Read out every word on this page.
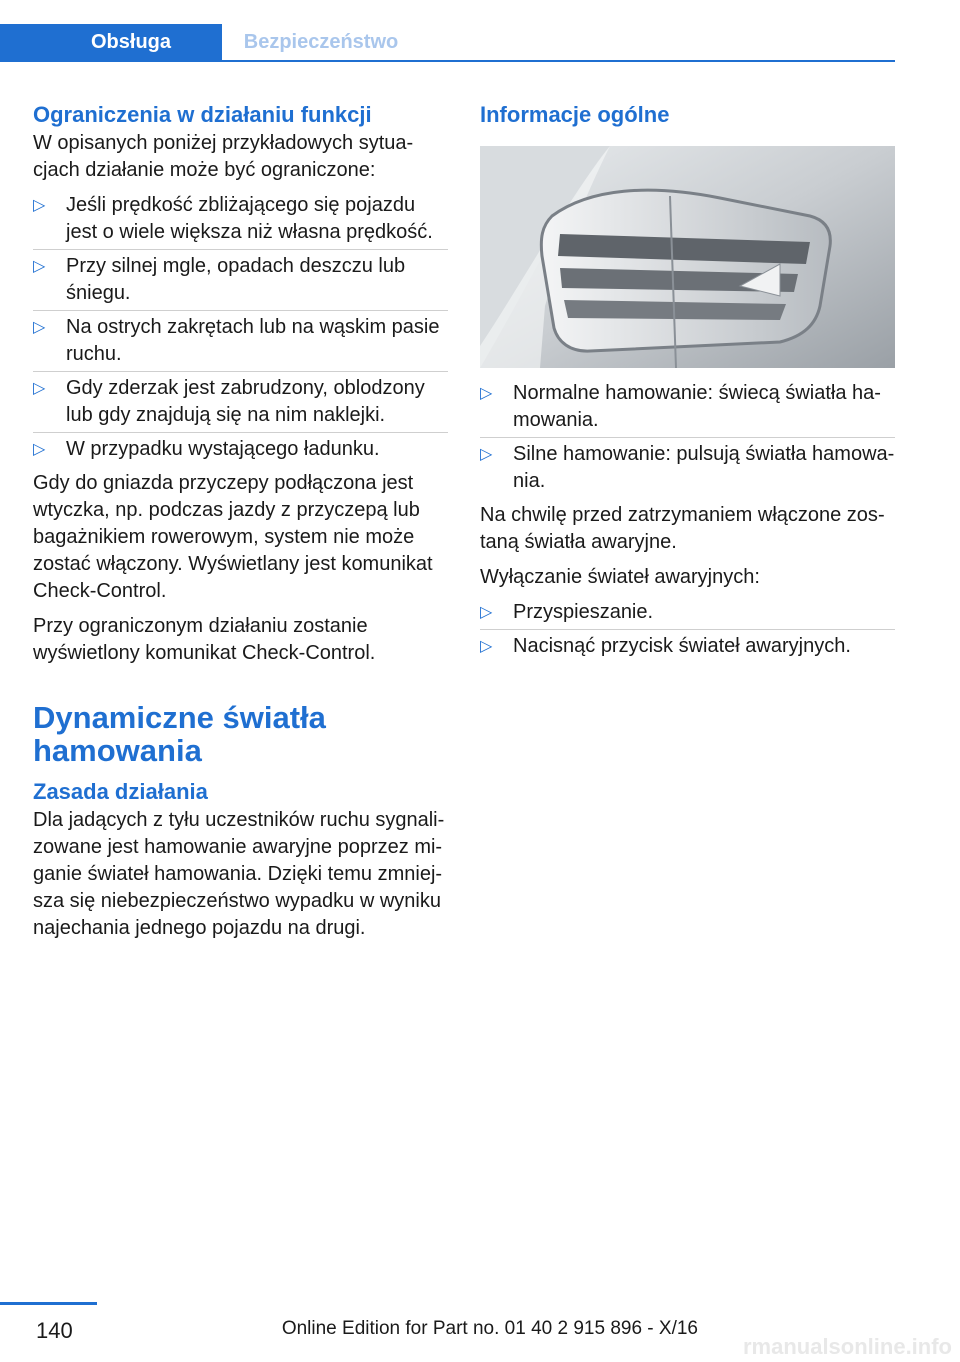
Obsługa	Bezpieczeństwo
Ograniczenia w działaniu funkcji

W opisanych poniżej przykładowych sytuacjach działanie może być ograniczone:

▷ Jeśli prędkość zbliżającego się pojazdu jest o wiele większa niż własna prędkość.
▷ Przy silnej mgle, opadach deszczu lub śniegu.
▷ Na ostrych zakrętach lub na wąskim pasie ruchu.
▷ Gdy zderzak jest zabrudzony, oblodzony lub gdy znajdują się na nim naklejki.
▷ W przypadku wystającego ładunku.

Gdy do gniazda przyczepy podłączona jest wtyczka, np. podczas jazdy z przyczepą lub bagażnikiem rowerowym, system nie może zostać włączony. Wyświetlany jest komunikat Check-Control.

Przy ograniczonym działaniu zostanie wyświetlony komunikat Check-Control.

Dynamiczne światła hamowania
Zasada działania

Dla jadących z tyłu uczestników ruchu sygnalizowane jest hamowanie awaryjne poprzez miganie świateł hamowania. Dzięki temu zmniejsza się niebezpieczeństwo wypadku w wyniku najechania jednego pojazdu na drugi.

Informacje ogólne
▷ Normalne hamowanie: świecą światła hamowania.
▷ Silne hamowanie: pulsują światła hamowania.

Na chwilę przed zatrzymaniem włączone zostaną światła awaryjne.

Wyłączanie świateł awaryjnych:

▷ Przyspieszanie.
▷ Nacisnąć przycisk świateł awaryjnych.
140	Online Edition for Part no. 01 40 2 915 896 - X/16
rmanualsonline.info
